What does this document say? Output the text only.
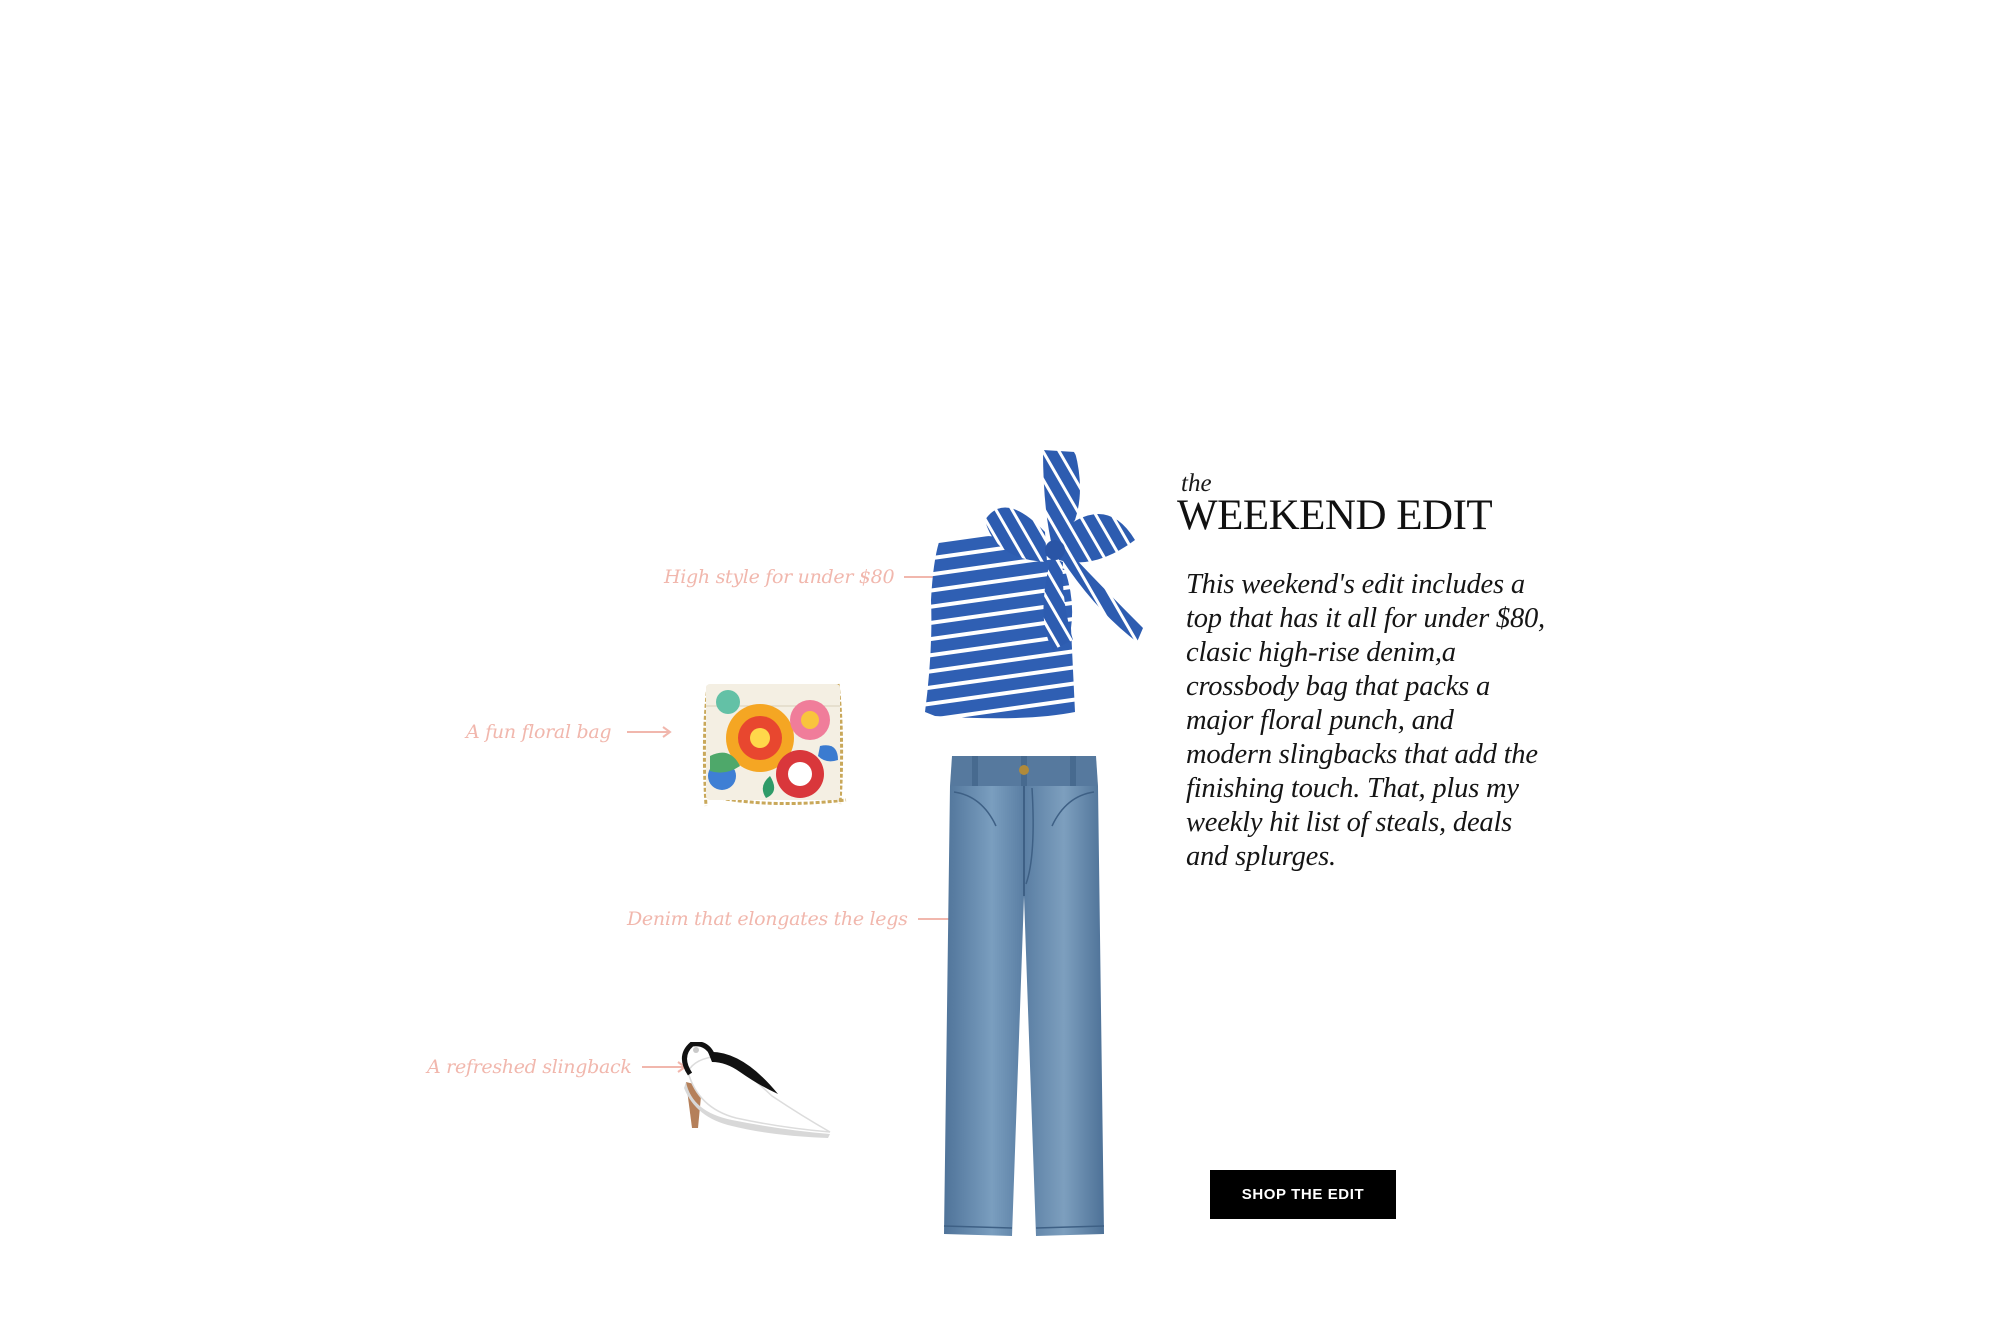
High style for under $80
A fun floral bag
Denim that elongates the legs
A refreshed slingback
the
WEEKEND EDIT

This weekend's edit includes a top that has it all for under $80, clasic high-rise denim,a crossbody bag that packs a major floral punch, and modern slingbacks that add the finishing touch. That, plus my weekly hit list of steals, deals and splurges.

SHOP THE EDIT
